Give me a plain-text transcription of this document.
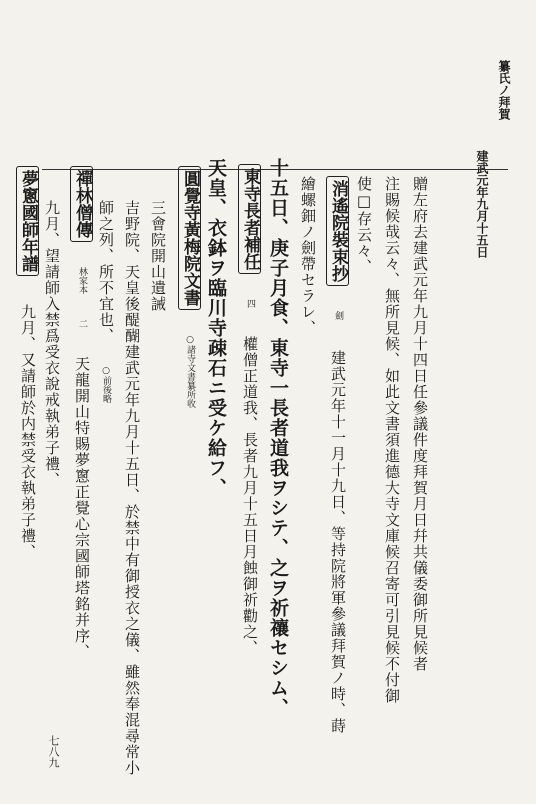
纂氏ノ拜賀
建武元年九月十五日
贈左府去建武元年九月十四日任參議件度拜賀月日幷共儀委御所見候者
注賜候哉云々、無所見候、如此文書須進德大寺文庫候召寄可引見候不付御
使□存云々、
消遙院裝束抄 劍 建武元年十一月十九日、等持院將軍參議拜賀ノ時、蒔
繪螺鈿ノ劍帶セラレ、
十五日、庚子月食、東寺一長者道我ヲシテ、之ヲ祈禳セシム、
東寺長者補任 四 權僧正道我、長者九月十五日月蝕御祈勸之、
天皇、衣鉢ヲ臨川寺疎石ニ受ケ給フ、
圓覺寺黃梅院文書 ○諸寺文書纂所收
三會院開山遺誡
吉野院、天皇後醍醐建武元年九月十五日、於禁中有御授衣之儀、雖然奉混尋常小
師之列、所不宜也、 ○前後略
禪林僧傳 林家本 二 天龍開山特賜夢窻正覺心宗國師塔銘并序、
九月、望請師入禁爲受衣說戒執弟子禮、
夢窻國師年譜 九月、又請師於内禁受衣執弟子禮、
七八九
